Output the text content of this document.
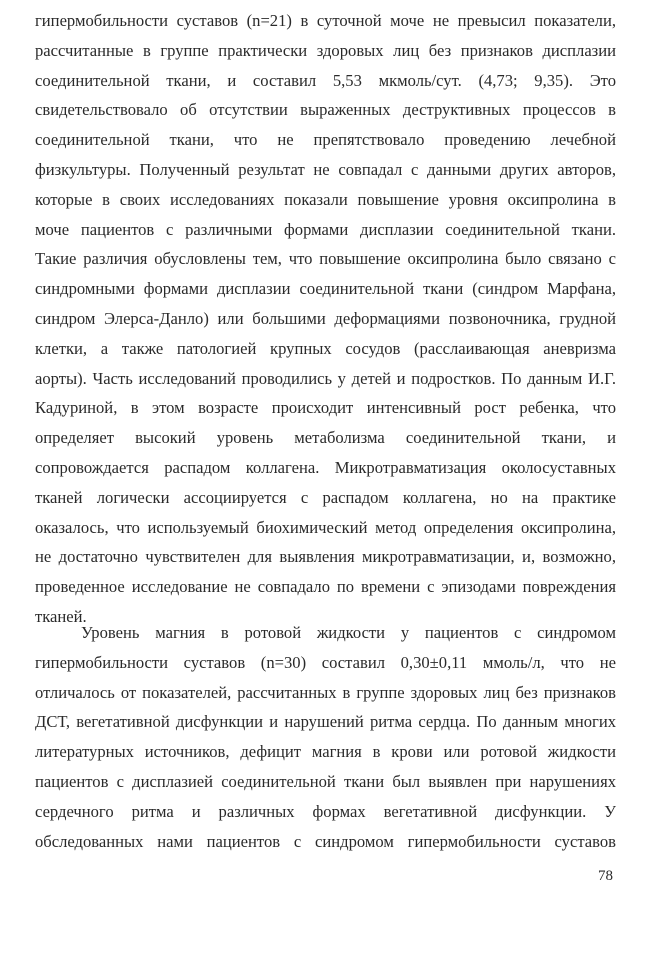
гипермобильности суставов (n=21) в суточной моче не превысил показатели,
рассчитанные в группе практически здоровых лиц без признаков дисплазии
соединительной ткани, и составил 5,53 мкмоль/сут. (4,73; 9,35). Это
свидетельствовало об отсутствии выраженных деструктивных процессов в
соединительной ткани, что не препятствовало проведению лечебной
физкультуры. Полученный результат не совпадал с данными других авторов,
которые в своих исследованиях показали повышение уровня оксипролина в
моче пациентов с различными формами дисплазии соединительной ткани.
Такие различия обусловлены тем, что повышение оксипролина было связано с
синдромными формами дисплазии соединительной ткани (синдром Марфана,
синдром Элерса-Данло) или большими деформациями позвоночника, грудной
клетки, а также патологией крупных сосудов (расслаивающая аневризма
аорты). Часть исследований проводились у детей и подростков. По данным И.Г.
Кадуриной, в этом возрасте происходит интенсивный рост ребенка, что
определяет высокий уровень метаболизма соединительной ткани, и
сопровождается распадом коллагена. Микротравматизация околосуставных
тканей логически ассоциируется с распадом коллагена, но на практике
оказалось, что используемый биохимический метод определения оксипролина,
не достаточно чувствителен для выявления микротравматизации, и, возможно,
проведенное исследование не совпадало по времени с эпизодами повреждения
тканей.
Уровень магния в ротовой жидкости у пациентов с синдромом
гипермобильности суставов (n=30) составил 0,30±0,11 ммоль/л, что не
отличалось от показателей, рассчитанных в группе здоровых лиц без признаков
ДСТ, вегетативной дисфункции и нарушений ритма сердца. По данным многих
литературных источников, дефицит магния в крови или ротовой жидкости
пациентов с дисплазией соединительной ткани был выявлен при нарушениях
сердечного ритма и различных формах вегетативной дисфункции. У
обследованных нами пациентов с синдромом гипермобильности суставов
78
